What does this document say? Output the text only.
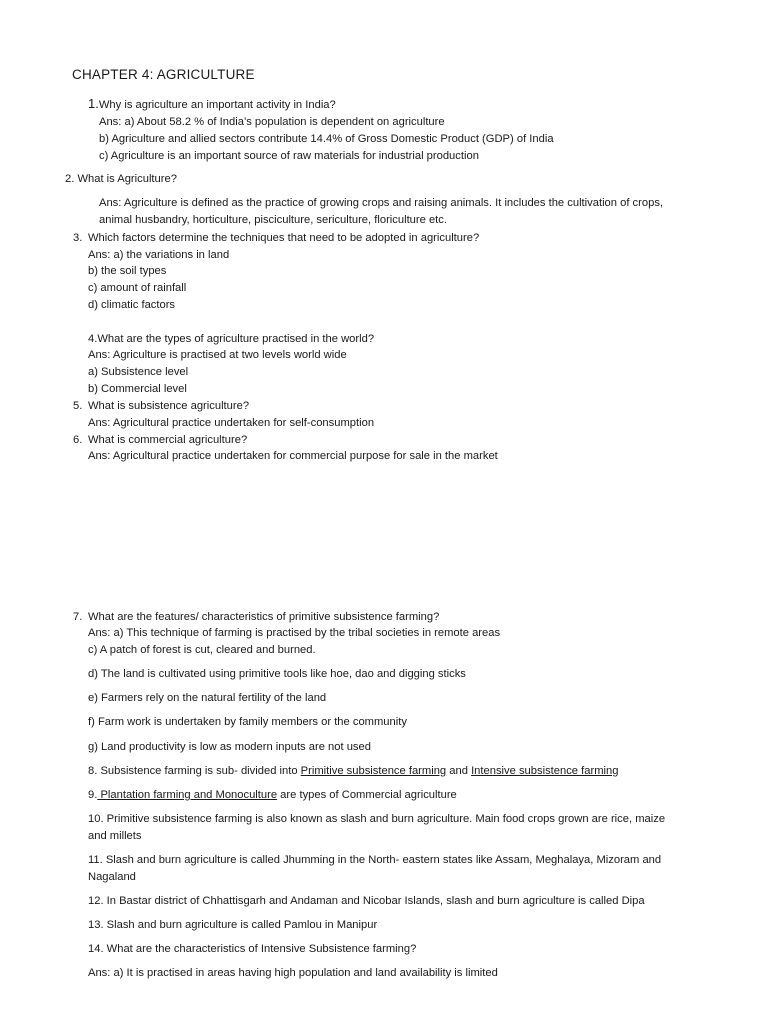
CHAPTER 4: AGRICULTURE
1.Why is agriculture an important activity in India?
Ans: a) About 58.2 % of India’s population is dependent on agriculture
b) Agriculture and allied sectors contribute 14.4% of Gross Domestic Product (GDP) of India
c) Agriculture is an important source of raw materials for industrial production
2. What is Agriculture?
Ans: Agriculture is defined as the practice of growing crops and raising animals. It includes the cultivation of crops,
animal husbandry, horticulture, pisciculture, sericulture, floriculture etc.
3. Which factors determine the techniques that need to be adopted in agriculture?
Ans: a) the variations in land
b) the soil types
c) amount of rainfall
d) climatic factors
4.What are the types of agriculture practised in the world?
Ans: Agriculture is practised at two levels world wide
a) Subsistence level
b) Commercial level
5. What is subsistence agriculture?
Ans: Agricultural practice undertaken for self-consumption
6. What is commercial agriculture?
Ans: Agricultural practice undertaken for commercial purpose for sale in the market
7. What are the features/ characteristics of primitive subsistence farming?
Ans: a) This technique of farming is practised by the tribal societies in remote areas
c) A patch of forest is cut, cleared and burned.
d) The land is cultivated using primitive tools like hoe, dao and digging sticks
e) Farmers rely on the natural fertility of the land
f) Farm work is undertaken by family members or the community
g) Land productivity is low as modern inputs are not used
8. Subsistence farming is sub- divided into Primitive subsistence farming and Intensive subsistence farming
9. Plantation farming and Monoculture are types of Commercial agriculture
10. Primitive subsistence farming is also known as slash and burn agriculture. Main food crops grown are rice, maize
and millets
11. Slash and burn agriculture is called Jhumming in the North- eastern states like Assam, Meghalaya, Mizoram and
Nagaland
12. In Bastar district of Chhattisgarh and Andaman and Nicobar Islands, slash and burn agriculture is called Dipa
13. Slash and burn agriculture is called Pamlou in Manipur
14. What are the characteristics of Intensive Subsistence farming?
Ans: a) It is practised in areas having high population and land availability is limited
